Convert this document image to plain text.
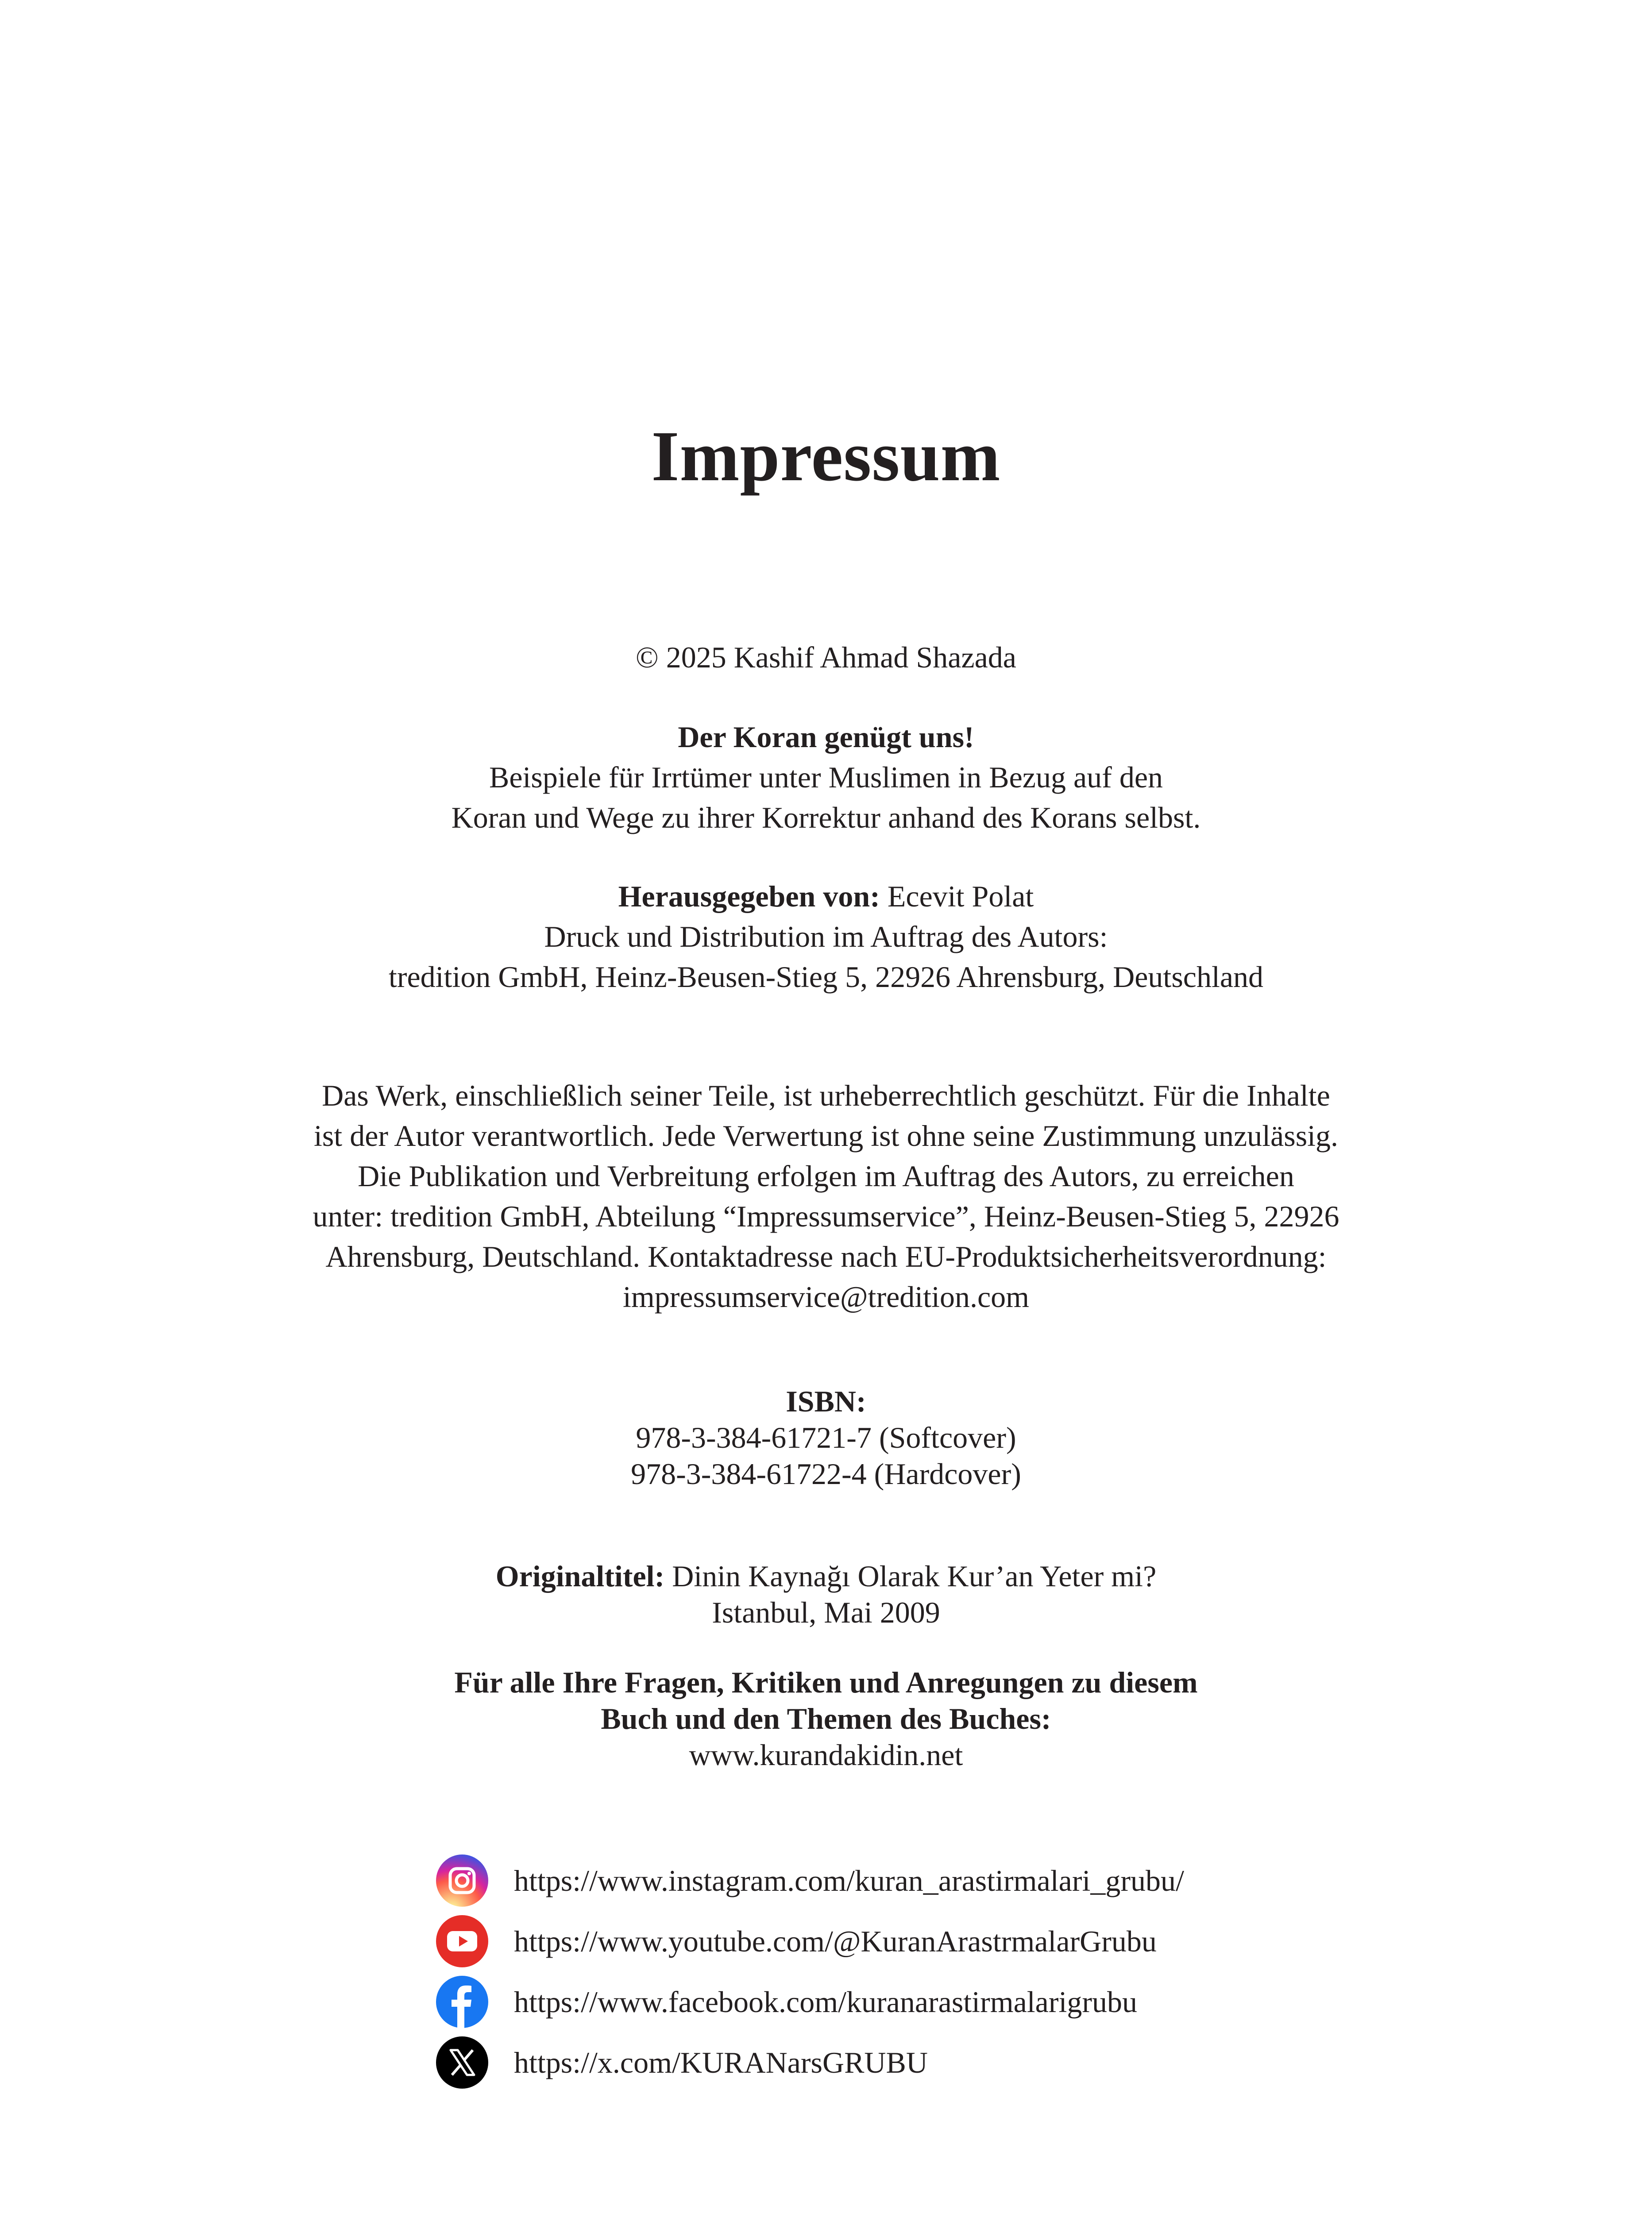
Impressum
© 2025 Kashif Ahmad Shazada
Der Koran genügt uns!
Beispiele für Irrtümer unter Muslimen in Bezug auf den
Koran und Wege zu ihrer Korrektur anhand des Korans selbst.
Herausgegeben von: Ecevit Polat
Druck und Distribution im Auftrag des Autors:
tredition GmbH, Heinz-Beusen-Stieg 5, 22926 Ahrensburg, Deutschland
Das Werk, einschließlich seiner Teile, ist urheberrechtlich geschützt. Für die Inhalte
ist der Autor verantwortlich. Jede Verwertung ist ohne seine Zustimmung unzulässig.
Die Publikation und Verbreitung erfolgen im Auftrag des Autors, zu erreichen
unter: tredition GmbH, Abteilung “Impressumservice”, Heinz-Beusen-Stieg 5, 22926
Ahrensburg, Deutschland. Kontaktadresse nach EU-Produktsicherheitsverordnung:
impressumservice@tredition.com
ISBN:
978-3-384-61721-7 (Softcover)
978-3-384-61722-4 (Hardcover)
Originaltitel: Dinin Kaynağı Olarak Kur’an Yeter mi?
Istanbul, Mai 2009
Für alle Ihre Fragen, Kritiken und Anregungen zu diesem
Buch und den Themen des Buches:
www.kurandakidin.net
https://www.instagram.com/kuran_arastirmalari_grubu/
https://www.youtube.com/@KuranArastrmalarGrubu
https://www.facebook.com/kuranarastirmalarigrubu
https://x.com/KURANarsGRUBU
